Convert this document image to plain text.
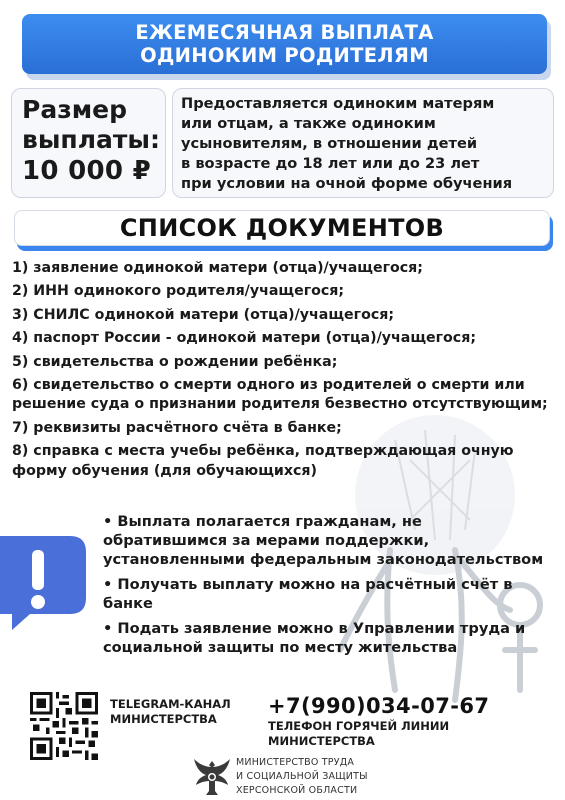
ЕЖЕМЕСЯЧНАЯ ВЫПЛАТА
ОДИНОКИМ РОДИТЕЛЯМ
Размер
выплаты:
10 000 ₽
Предоставляется одиноким матерям
или отцам, а также одиноким
усыновителям, в отношении детей
в возрасте до 18 лет или до 23 лет
при условии на очной форме обучения
СПИСОК ДОКУМЕНТОВ
1) заявление одинокой матери (отца)/учащегося;
2) ИНН одинокого родителя/учащегося;
3) СНИЛС одинокой матери (отца)/учащегося;
4) паспорт России - одинокой матери (отца)/учащегося;
5) свидетельства о рождении ребёнка;
6) свидетельство о смерти одного из родителей о смерти или решение суда о признании родителя безвестно отсутствующим;
7) реквизиты расчётного счёта в банке;
8) справка с места учебы ребёнка, подтверждающая очную форму обучения (для обучающихся)
• Выплата полагается гражданам, не обратившимся за мерами поддержки, установленными федеральным законодательством
• Получать выплату можно на расчётный счёт в банке
• Подать заявление можно в Управлении труда и социальной защиты по месту жительства
TELEGRAM-КАНАЛ МИНИСТЕРСТВА
+7(990)034-07-67
ТЕЛЕФОН ГОРЯЧЕЙ ЛИНИИ МИНИСТЕРСТВА
МИНИСТЕРСТВО ТРУДА
И СОЦИАЛЬНОЙ ЗАЩИТЫ
ХЕРСОНСКОЙ ОБЛАСТИ
